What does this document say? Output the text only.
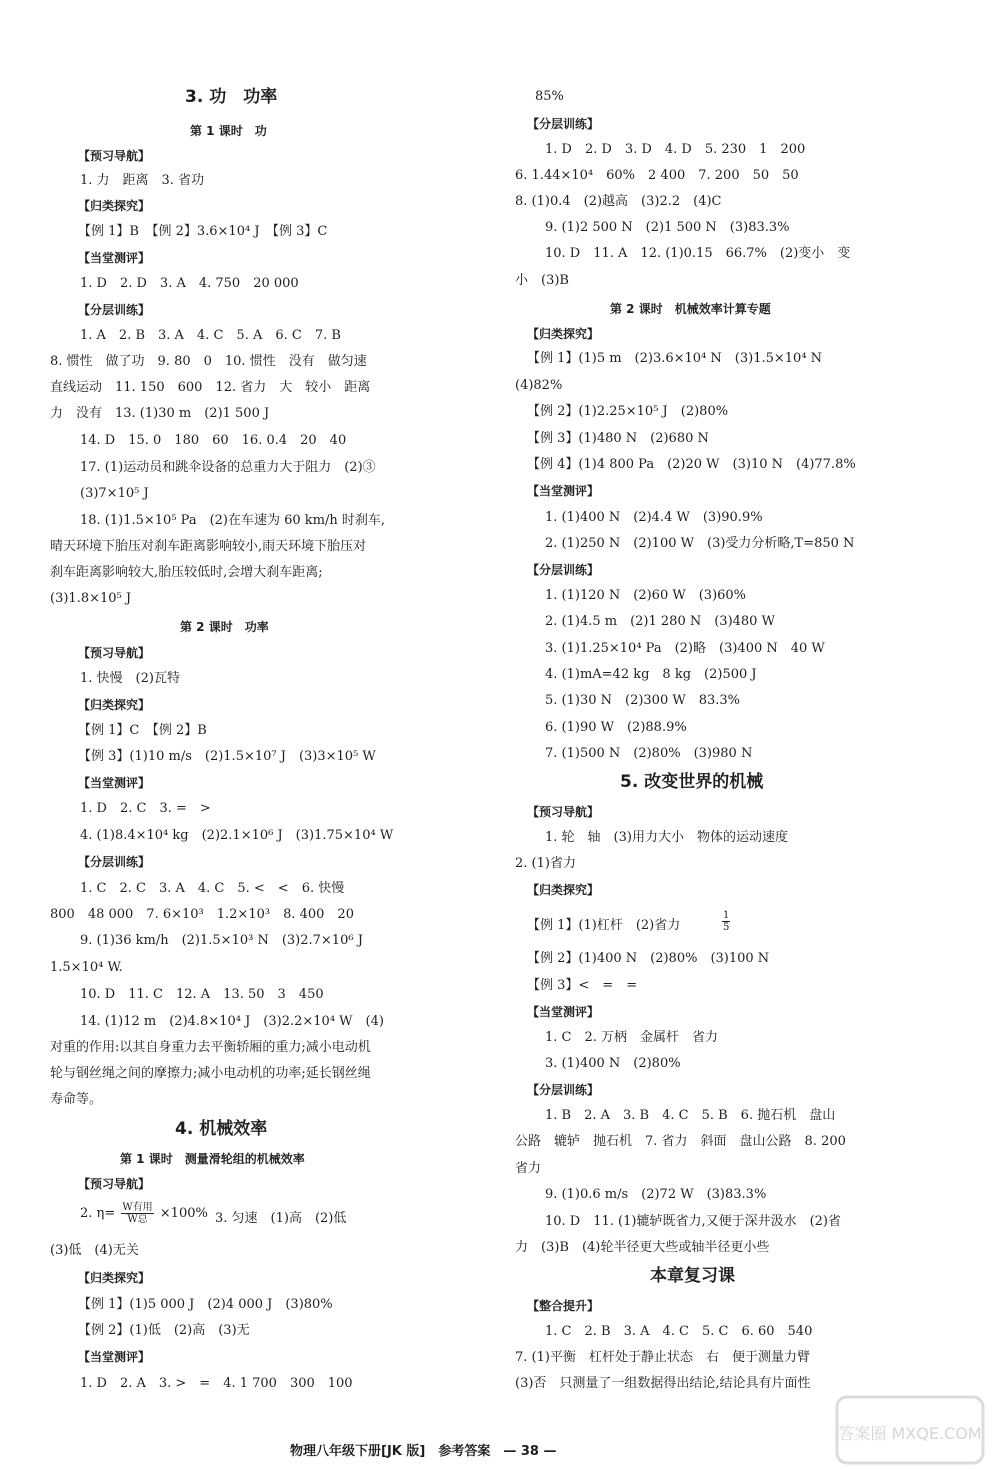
3. 功　功率
第 1 课时　功
【预习导航】
1. 力　距离　3. 省功
【归类探究】
【例 1】B　【例 2】3.6×10⁴ J　【例 3】C
【当堂测评】
1. D　2. D　3. A　4. 750　20 000
【分层训练】
1. A　2. B　3. A　4. C　5. A　6. C　7. B
8. 惯性　做了功　9. 80　0　10. 惯性　没有　做匀速
直线运动　11. 150　600　12. 省力　大　较小　距离
力　没有　13. (1)30 m　(2)1 500 J
14. D　15. 0　180　60　16. 0.4　20　40
17. (1)运动员和跳伞设备的总重力大于阻力　(2)③
(3)7×10⁵ J
18. (1)1.5×10⁵ Pa　(2)在车速为 60 km/h 时刹车,
晴天环境下胎压对刹车距离影响较小,雨天环境下胎压对
刹车距离影响较大,胎压较低时,会增大刹车距离;
(3)1.8×10⁵ J
第 2 课时　功率
【预习导航】
1. 快慢　(2)瓦特
【归类探究】
【例 1】C　【例 2】B
【例 3】(1)10 m/s　(2)1.5×10⁷ J　(3)3×10⁵ W
【当堂测评】
1. D　2. C　3. =　>
4. (1)8.4×10⁴ kg　(2)2.1×10⁶ J　(3)1.75×10⁴ W
【分层训练】
1. C　2. C　3. A　4. C　5. <　<　6. 快慢
800　48 000　7. 6×10³　1.2×10³　8. 400　20
9. (1)36 km/h　(2)1.5×10³ N　(3)2.7×10⁶ J
1.5×10⁴ W.
10. D　11. C　12. A　13. 50　3　450
14. (1)12 m　(2)4.8×10⁴ J　(3)2.2×10⁴ W　(4)
对重的作用:以其自身重力去平衡轿厢的重力;减小电动机
轮与钢丝绳之间的摩擦力;减小电动机的功率;延长钢丝绳
寿命等。
4. 机械效率
第 1 课时　测量滑轮组的机械效率
【预习导航】
3. 匀速　(1)高　(2)低
(3)低　(4)无关
【归类探究】
【例 1】(1)5 000 J　(2)4 000 J　(3)80%
【例 2】(1)低　(2)高　(3)无
【当堂测评】
1. D　2. A　3. >　=　4. 1 700　300　100
85%
【分层训练】
1. D　2. D　3. D　4. D　5. 230　1　200
6. 1.44×10⁴　60%　2 400　7. 200　50　50
8. (1)0.4　(2)越高　(3)2.2　(4)C
9. (1)2 500 N　(2)1 500 N　(3)83.3%
10. D　11. A　12. (1)0.15　66.7%　(2)变小　变
小　(3)B
第 2 课时　机械效率计算专题
【归类探究】
【例 1】(1)5 m　(2)3.6×10⁴ N　(3)1.5×10⁴ N
(4)82%
【例 2】(1)2.25×10⁵ J　(2)80%
【例 3】(1)480 N　(2)680 N
【例 4】(1)4 800 Pa　(2)20 W　(3)10 N　(4)77.8%
【当堂测评】
1. (1)400 N　(2)4.4 W　(3)90.9%
2. (1)250 N　(2)100 W　(3)受力分析略,T=850 N
【分层训练】
1. (1)120 N　(2)60 W　(3)60%
2. (1)4.5 m　(2)1 280 N　(3)480 W
3. (1)1.25×10⁴ Pa　(2)略　(3)400 N　40 W
4. (1)mA=42 kg　8 kg　(2)500 J
5. (1)30 N　(2)300 W　83.3%
6. (1)90 W　(2)88.9%
7. (1)500 N　(2)80%　(3)980 N
5. 改变世界的机械
【预习导航】
1. 轮　轴　(3)用力大小　物体的运动速度
2. (1)省力
【归类探究】
【例 1】(1)杠杆　(2)省力
【例 2】(1)400 N　(2)80%　(3)100 N
【例 3】<　=　=
【当堂测评】
1. C　2. 万柄　金属杆　省力
3. (1)400 N　(2)80%
【分层训练】
1. B　2. A　3. B　4. C　5. B　6. 抛石机　盘山
公路　辘轳　抛石机　7. 省力　斜面　盘山公路　8. 200
省力
9. (1)0.6 m/s　(2)72 W　(3)83.3%
10. D　11. (1)辘轳既省力,又便于深井汲水　(2)省
力　(3)B　(4)轮半径更大些或轴半径更小些
本章复习课
【整合提升】
1. C　2. B　3. A　4. C　5. C　6. 60　540
7. (1)平衡　杠杆处于静止状态　右　便于测量力臂
(3)否　只测量了一组数据得出结论,结论具有片面性
2. $\eta= \frac{\text{W有用}}{\text{W总}} \times 100\%$
$\frac{1}{5}$
物理八年级下册[JK 版]　参考答案　— 38 —
答案圈 MXQE.COM
